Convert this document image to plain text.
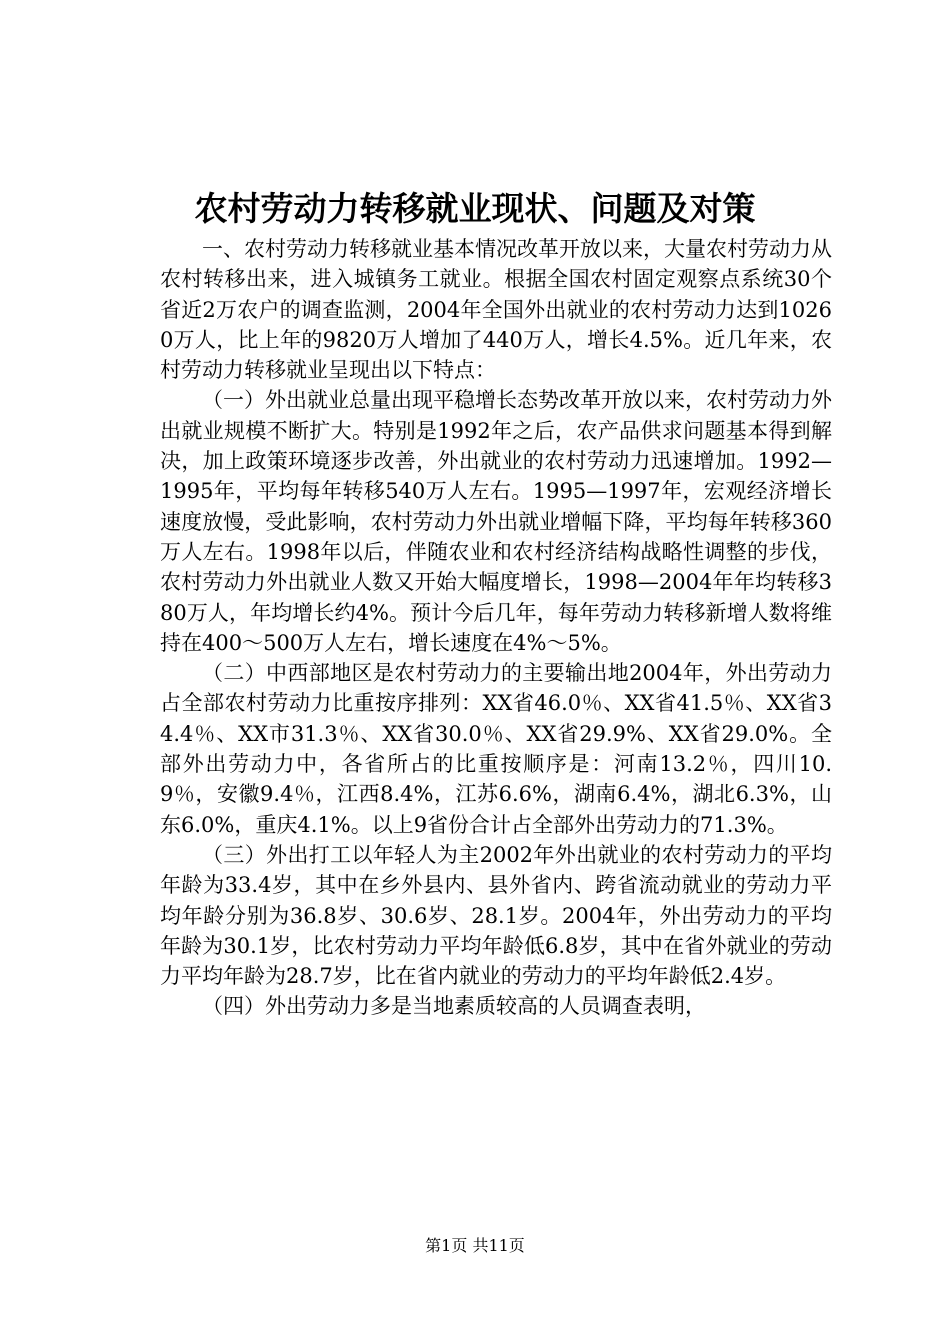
农村劳动力转移就业现状、问题及对策

一、农村劳动力转移就业基本情况改革开放以来，大量农村劳动力从农村转移出来，进入城镇务工就业。根据全国农村固定观察点系统30个省近2万农户的调查监测，2004年全国外出就业的农村劳动力达到10260万人，比上年的9820万人增加了440万人，增长4.5%。近几年来，农村劳动力转移就业呈现出以下特点：

（一）外出就业总量出现平稳增长态势改革开放以来，农村劳动力外出就业规模不断扩大。特别是1992年之后，农产品供求问题基本得到解决，加上政策环境逐步改善，外出就业的农村劳动力迅速增加。1992—1995年，平均每年转移540万人左右。1995—1997年，宏观经济增长速度放慢，受此影响，农村劳动力外出就业增幅下降，平均每年转移360万人左右。1998年以后，伴随农业和农村经济结构战略性调整的步伐，农村劳动力外出就业人数又开始大幅度增长，1998—2004年年均转移380万人，年均增长约4%。预计今后几年，每年劳动力转移新增人数将维持在400～500万人左右，增长速度在4%～5%。

（二）中西部地区是农村劳动力的主要输出地2004年，外出劳动力占全部农村劳动力比重按序排列：XX省46.0％、XX省41.5％、XX省34.4％、XX市31.3％、XX省30.0％、XX省29.9%、XX省29.0%。全部外出劳动力中，各省所占的比重按顺序是：河南13.2％，四川10.9％，安徽9.4％，江西8.4%，江苏6.6%，湖南6.4%，湖北6.3%，山东6.0%，重庆4.1%。以上9省份合计占全部外出劳动力的71.3%。

（三）外出打工以年轻人为主2002年外出就业的农村劳动力的平均年龄为33.4岁，其中在乡外县内、县外省内、跨省流动就业的劳动力平均年龄分别为36.8岁、30.6岁、28.1岁。2004年，外出劳动力的平均年龄为30.1岁，比农村劳动力平均年龄低6.8岁，其中在省外就业的劳动力平均年龄为28.7岁，比在省内就业的劳动力的平均年龄低2.4岁。

（四）外出劳动力多是当地素质较高的人员调查表明，

第1页 共11页
